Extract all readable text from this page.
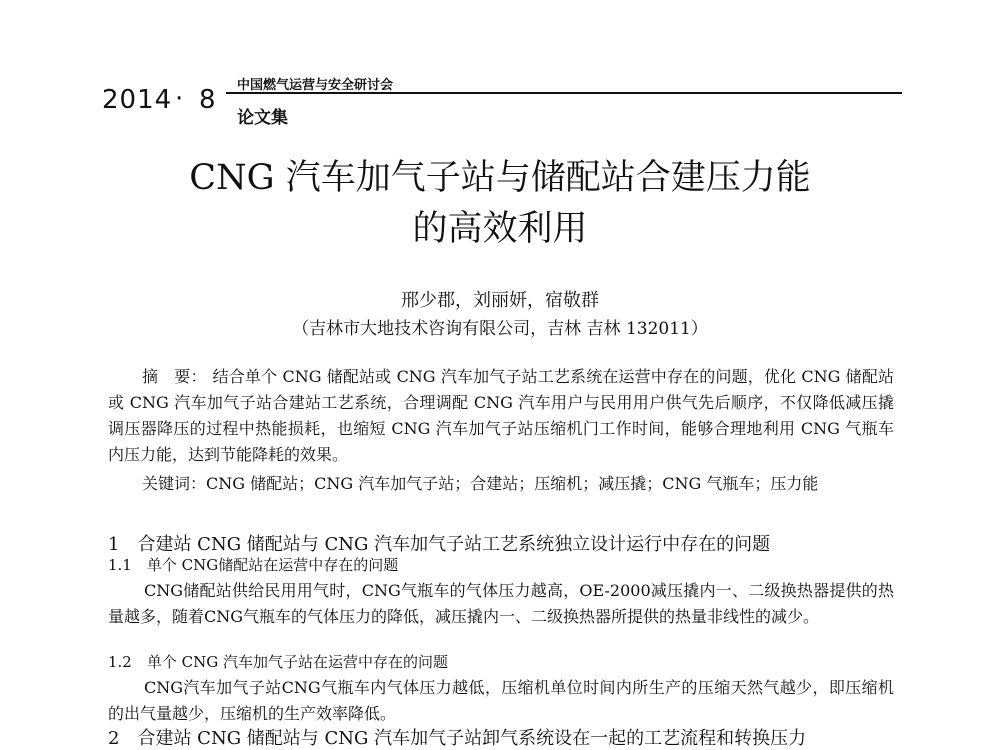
2014 · 8 中国燃气运营与安全研讨会
论文集
CNG 汽车加气子站与储配站合建压力能
的高效利用
邢少郡，刘丽妍，宿敬群
（吉林市大地技术咨询有限公司，吉林 吉林 132011）
摘　要： 结合单个 CNG 储配站或 CNG 汽车加气子站工艺系统在运营中存在的问题，优化 CNG 储配站或 CNG 汽车加气子站合建站工艺系统，合理调配 CNG 汽车用户与民用用户供气先后顺序，不仅降低减压撬调压器降压的过程中热能损耗，也缩短 CNG 汽车加气子站压缩机门工作时间，能够合理地利用 CNG 气瓶车内压力能，达到节能降耗的效果。
关键词：CNG 储配站；CNG 汽车加气子站；合建站；压缩机；减压撬；CNG 气瓶车；压力能
1　合建站 CNG 储配站与 CNG 汽车加气子站工艺系统独立设计运行中存在的问题
1.1　单个 CNG储配站在运营中存在的问题
CNG储配站供给民用用气时，CNG气瓶车的气体压力越高，OE-2000减压撬内一、二级换热器提供的热量越多，随着CNG气瓶车的气体压力的降低，减压撬内一、二级换热器所提供的热量非线性的减少。
1.2　单个 CNG 汽车加气子站在运营中存在的问题
CNG汽车加气子站CNG气瓶车内气体压力越低，压缩机单位时间内所生产的压缩天然气越少，即压缩机的出气量越少，压缩机的生产效率降低。
2　合建站 CNG 储配站与 CNG 汽车加气子站卸气系统设在一起的工艺流程和转换压力
